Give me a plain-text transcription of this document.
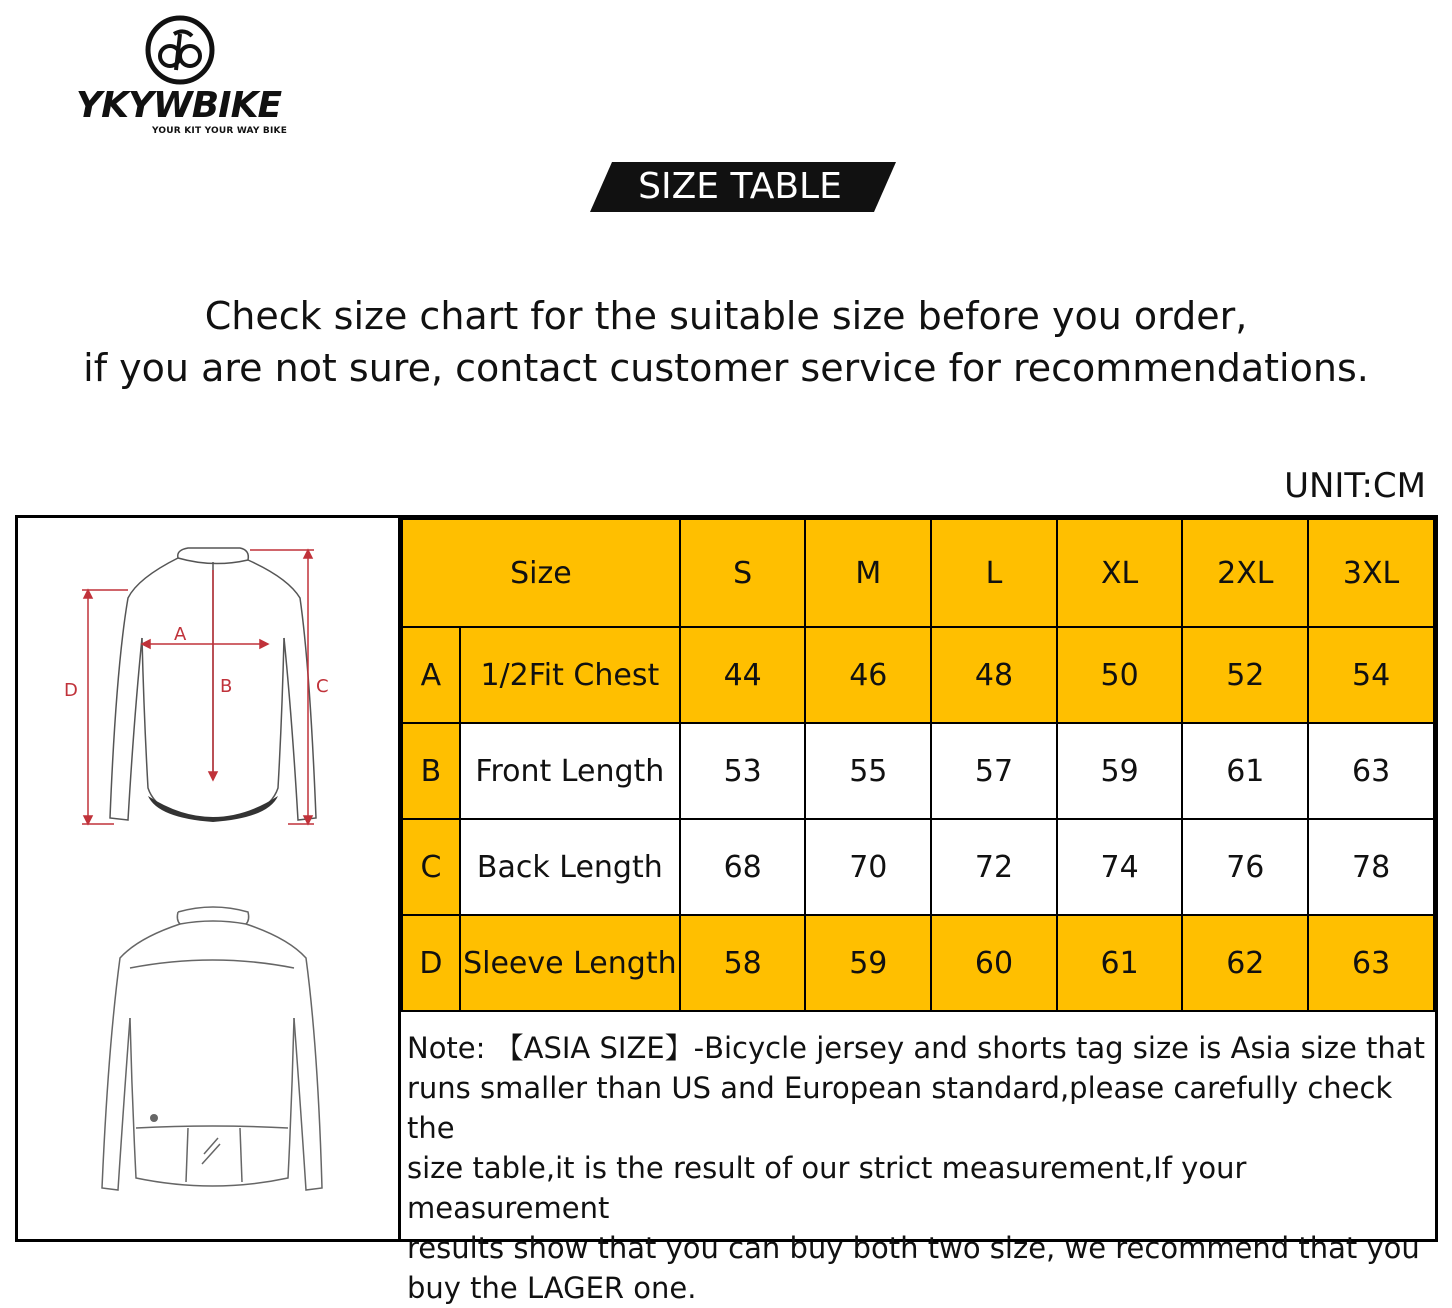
YKYWBIKE
YOUR KIT YOUR WAY BIKE
SIZE TABLE
Check size chart for the suitable size before you order,
if you are not sure, contact customer service for recommendations.
UNIT:CM
A
B	C
D
Size		S	M	L	XL	2XL	3XL
A	1/2Fit Chest	44	46	48	50	52	54
B	Front Length	53	55	57	59	61	63
C	Back Length	68	70	72	74	76	78
D	Sleeve Length	58	59	60	61	62	63
Note: 【ASIA SIZE】-Bicycle jersey and shorts tag size is Asia size that
runs smaller than US and European standard,please carefully check the
size table,it is the result of our strict measurement,If your measurement
results show that you can buy both two size, we recommend that you
buy the LAGER one.
